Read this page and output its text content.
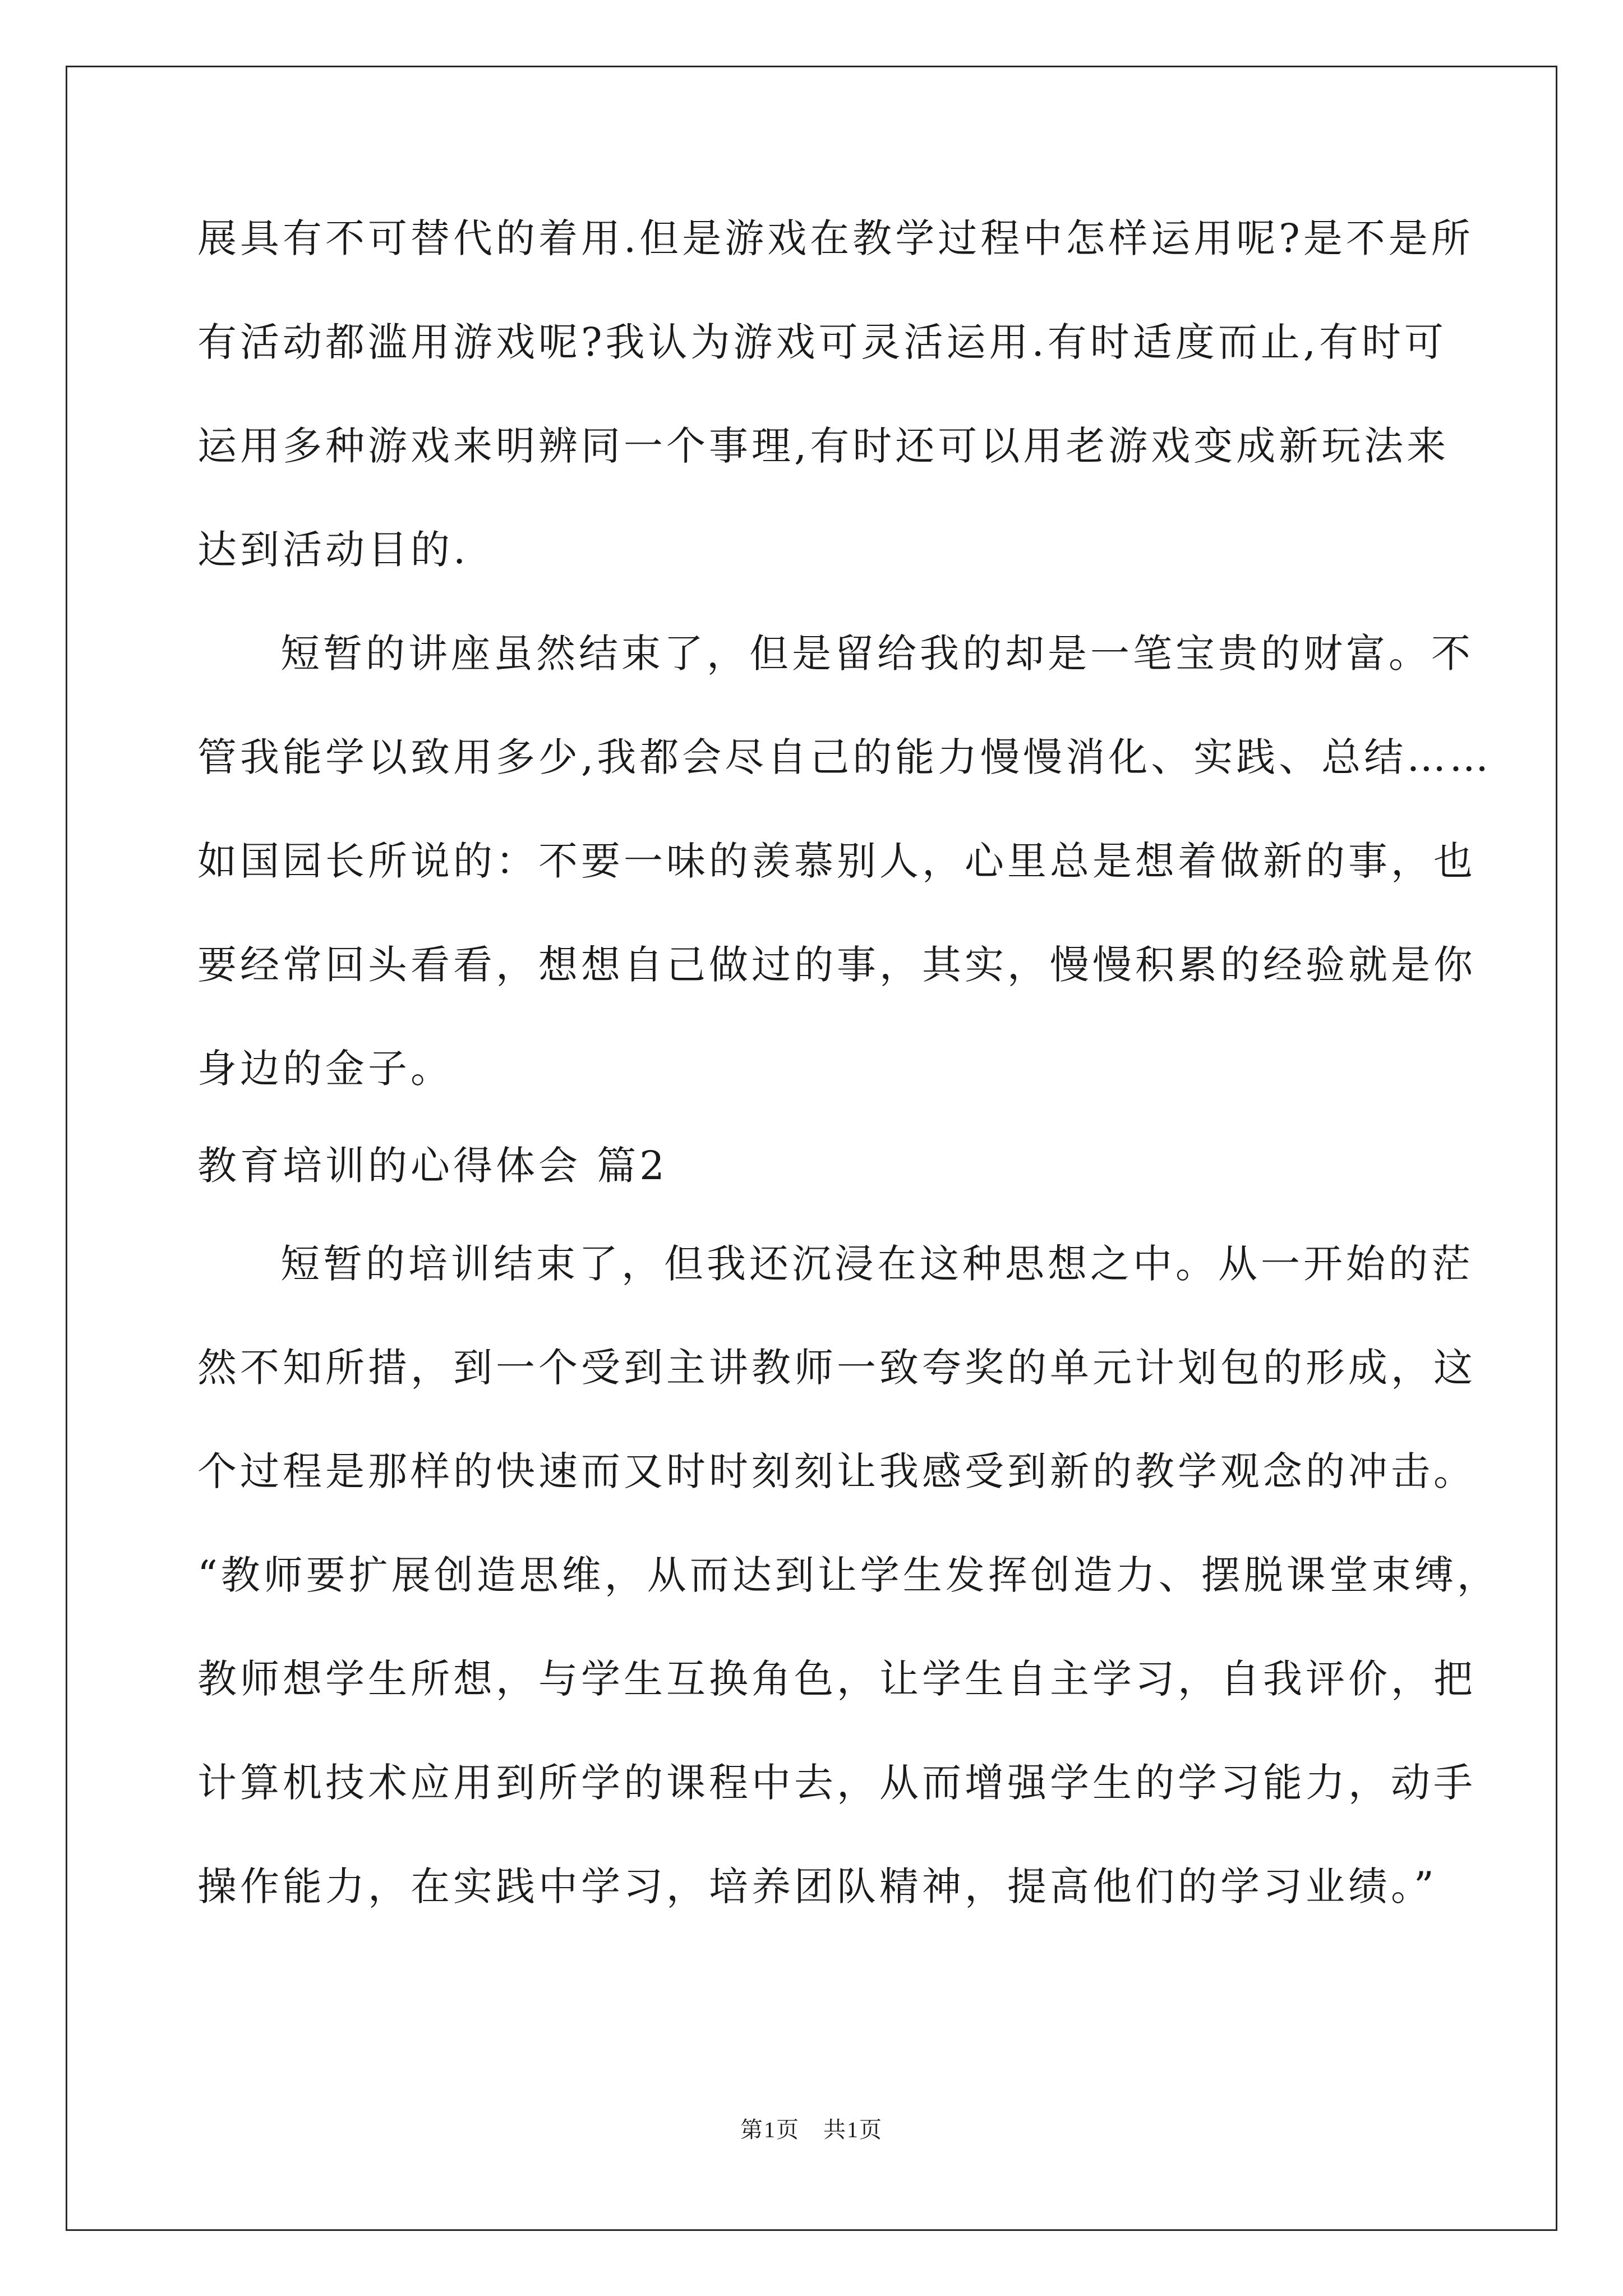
展具有不可替代的着用.但是游戏在教学过程中怎样运用呢?是不是所
有活动都滥用游戏呢?我认为游戏可灵活运用.有时适度而止,有时可
运用多种游戏来明辨同一个事理,有时还可以用老游戏变成新玩法来
达到活动目的.
短暂的讲座虽然结束了，但是留给我的却是一笔宝贵的财富。不
管我能学以致用多少,我都会尽自己的能力慢慢消化、实践、总结……
如国园长所说的：不要一味的羡慕别人，心里总是想着做新的事，也
要经常回头看看，想想自己做过的事，其实，慢慢积累的经验就是你
身边的金子。
教育培训的心得体会 篇2
短暂的培训结束了，但我还沉浸在这种思想之中。从一开始的茫
然不知所措，到一个受到主讲教师一致夸奖的单元计划包的形成，这
个过程是那样的快速而又时时刻刻让我感受到新的教学观念的冲击。
“教师要扩展创造思维，从而达到让学生发挥创造力、摆脱课堂束缚，
教师想学生所想，与学生互换角色，让学生自主学习，自我评价，把
计算机技术应用到所学的课程中去，从而增强学生的学习能力，动手
操作能力，在实践中学习，培养团队精神，提高他们的学习业绩。”
第1页　共1页
